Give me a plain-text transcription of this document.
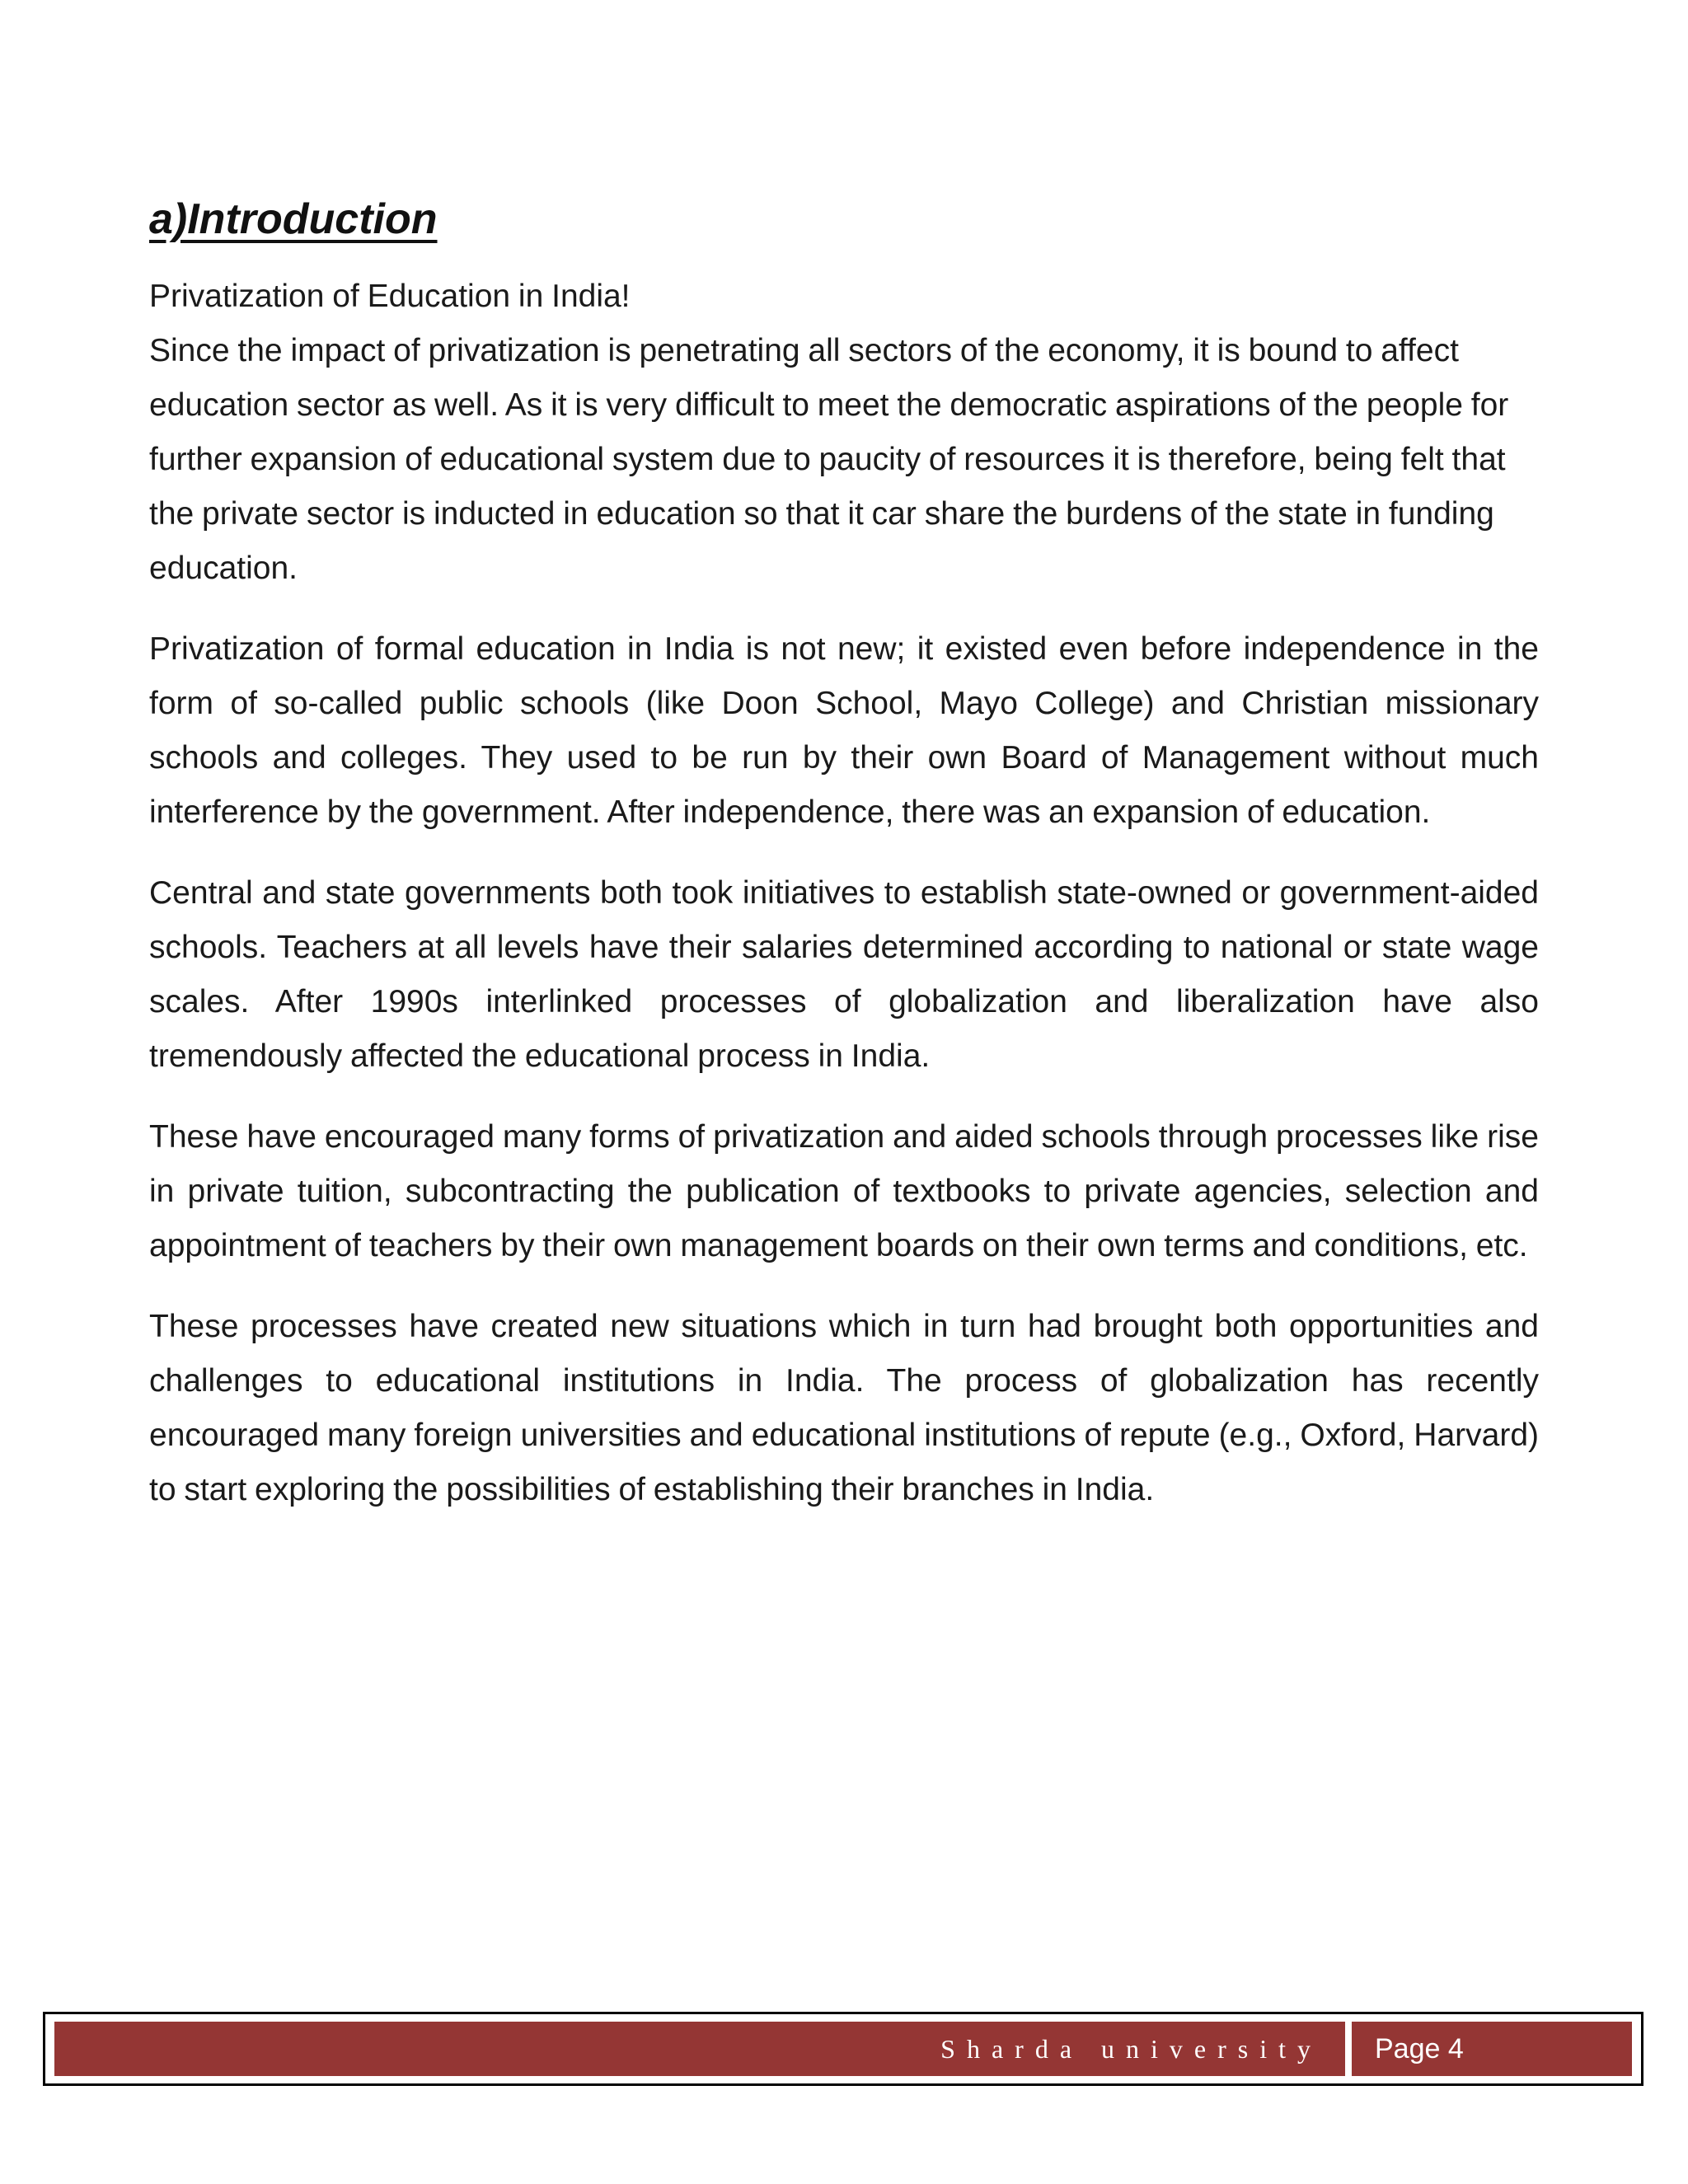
a)Introduction
Privatization of Education in India!
Since the impact of privatization is penetrating all sectors of the economy, it is bound to affect education sector as well. As it is very difficult to meet the democratic aspirations of the people for further expansion of educational system due to paucity of resources it is therefore, being felt that the private sector is inducted in education so that it car share the burdens of the state in funding education.

Privatization of formal education in India is not new; it existed even before independence in the form of so-called public schools (like Doon School, Mayo College) and Christian missionary schools and colleges. They used to be run by their own Board of Management without much interference by the government. After independence, there was an expansion of education.

Central and state governments both took initiatives to establish state-owned or government-aided schools. Teachers at all levels have their salaries determined according to national or state wage scales. After 1990s interlinked processes of globalization and liberalization have also tremendously affected the educational process in India.

These have encouraged many forms of privatization and aided schools through processes like rise in private tuition, subcontracting the publication of textbooks to private agencies, selection and appointment of teachers by their own management boards on their own terms and conditions, etc.

These processes have created new situations which in turn had brought both opportunities and challenges to educational institutions in India. The process of globalization has recently encouraged many foreign universities and educational institutions of repute (e.g., Oxford, Harvard) to start exploring the possibilities of establishing their branches in India.

Sharda university Page 4
